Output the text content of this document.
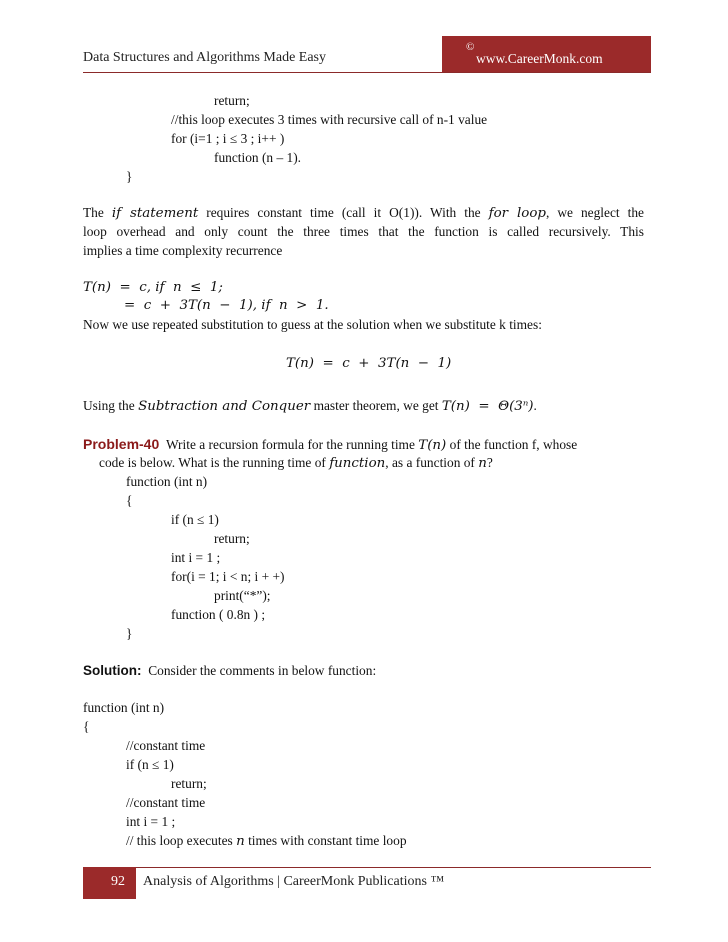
Data Structures and Algorithms Made Easy
©
www.CareerMonk.com
return;
//this loop executes 3 times with recursive call of n-1 value
for (i=1 ; i ≤ 3 ; i++ )
function (n – 1).
}
The if statement requires constant time (call it O(1)). With the for loop, we neglect the
loop overhead and only count the three times that the function is called recursively. This
implies a time complexity recurrence
T(n)  =  c, if  n  ≤  1;
=  c  +  3T(n  −  1), if  n  >  1.
Now we use repeated substitution to guess at the solution when we substitute k times:
T(n)  =  c  +  3T(n  −  1)
Using the Subtraction and Conquer master theorem, we get T(n)  =  Θ(3ⁿ).
Problem-40 Write a recursion formula for the running time T(n) of the function f, whose
code is below. What is the running time of function, as a function of n?
function (int n)
{
if (n ≤ 1)
return;
int i = 1 ;
for(i = 1; i < n; i + +)
print(“*”);
function ( 0.8n ) ;
}
Solution: Consider the comments in below function:
function (int n)
{
//constant time
if (n ≤ 1)
return;
//constant time
int i = 1 ;
// this loop executes n times with constant time loop
92 Analysis of Algorithms | CareerMonk Publications ™
